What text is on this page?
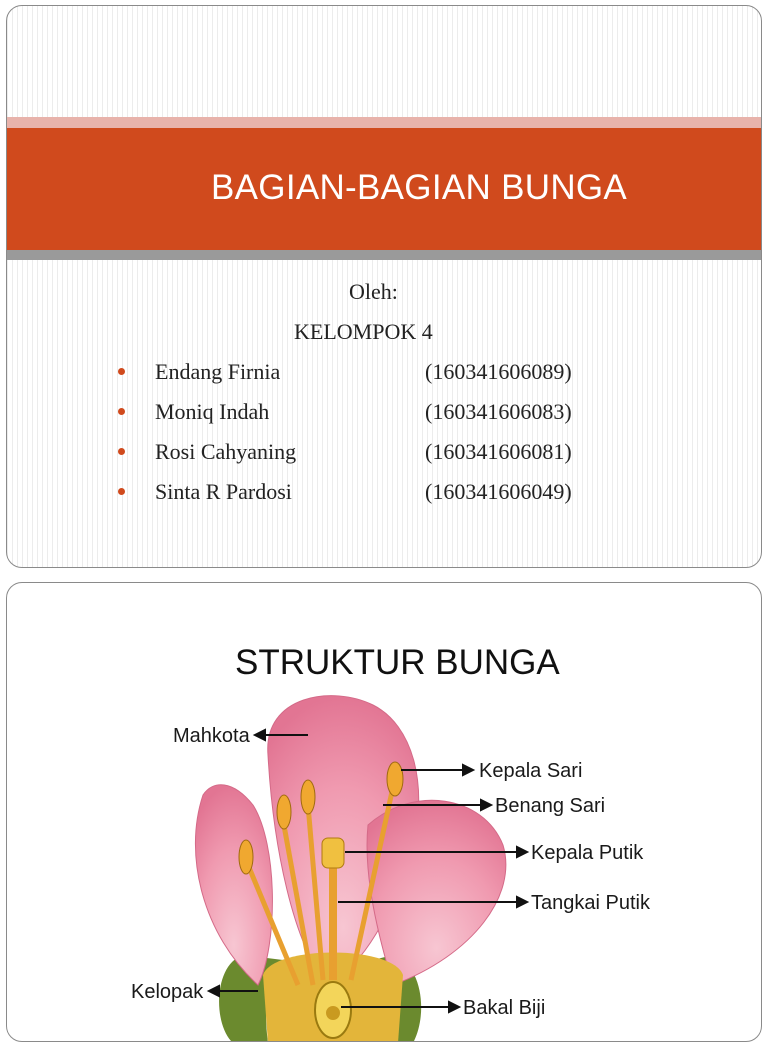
BAGIAN-BAGIAN BUNGA
Oleh:
KELOMPOK 4
Endang Firnia	(160341606089)
Moniq Indah	(160341606083)
Rosi Cahyaning	(160341606081)
Sinta R Pardosi	(160341606049)
STRUKTUR BUNGA
Mahkota
Kepala Sari
Benang Sari
Kepala Putik
Tangkai Putik
Kelopak
Bakal Biji
